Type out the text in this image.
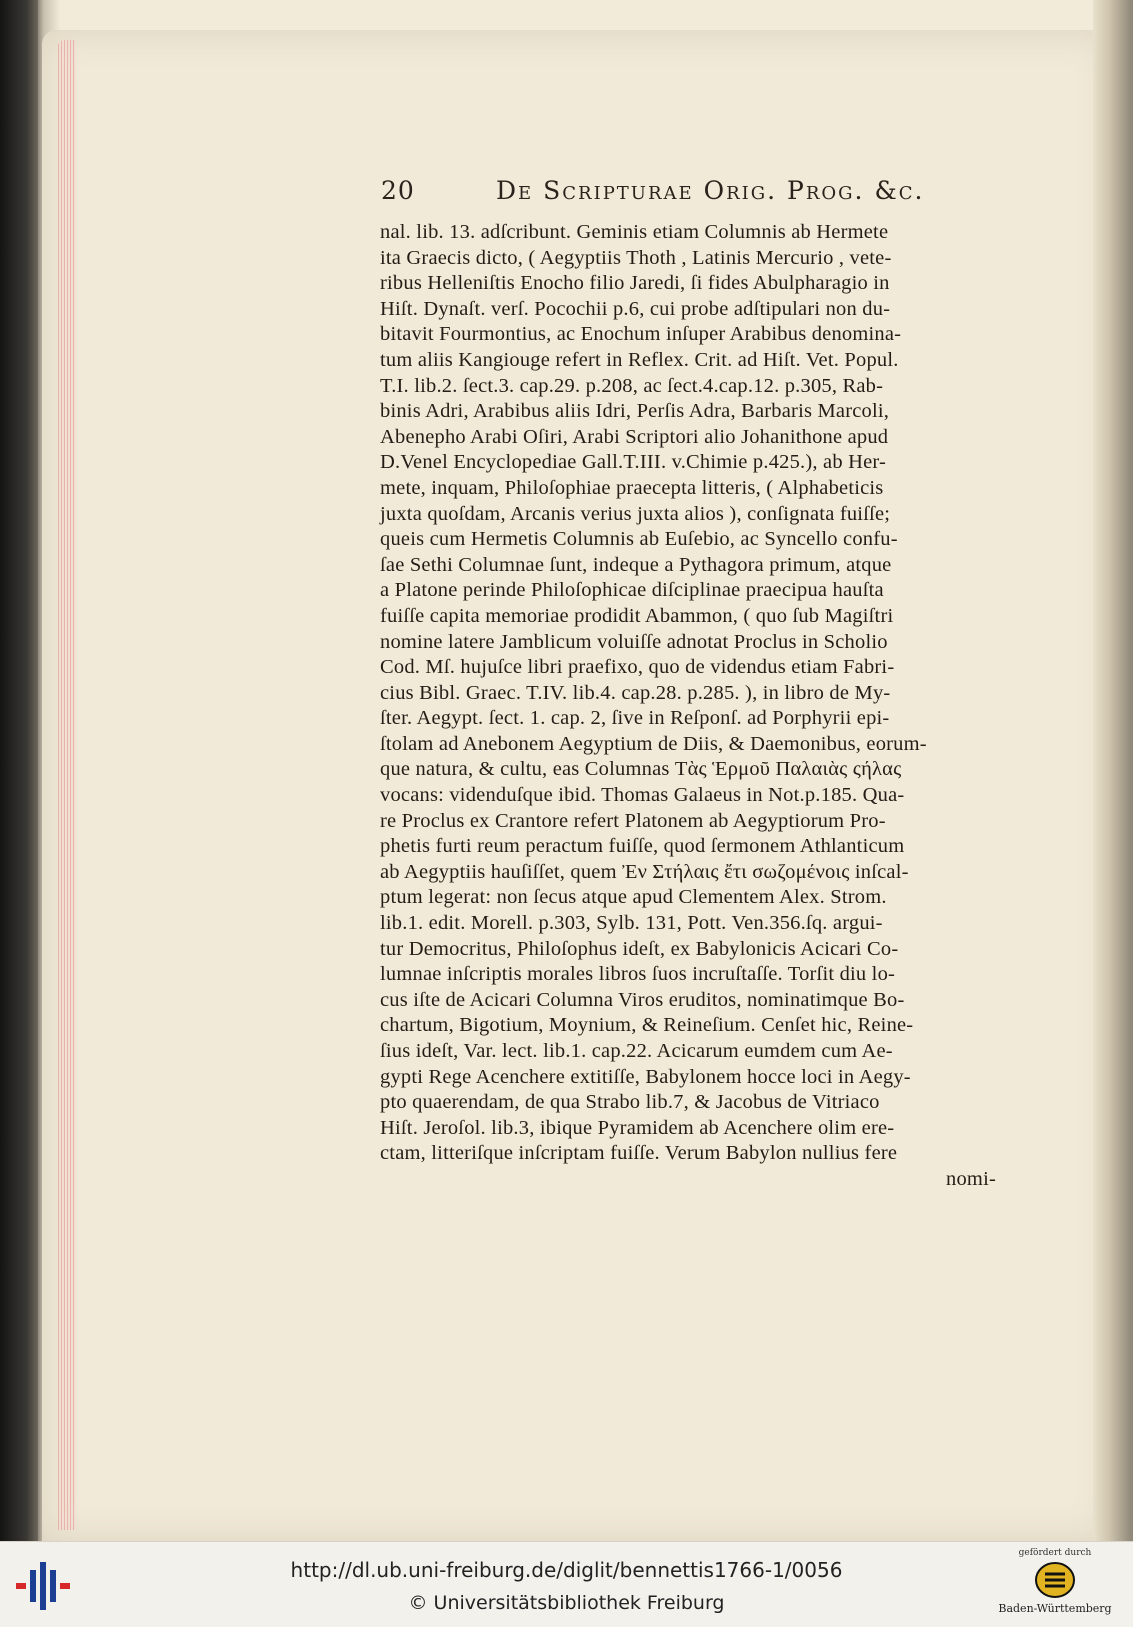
20	De Scripturae Orig. Prog. &c.
nal. lib. 13. adſcribunt. Geminis etiam Columnis ab Hermete
ita Graecis dicto, ( Aegyptiis Thoth , Latinis Mercurio , vete-
ribus Helleniſtis Enocho filio Jaredi, ſi fides Abulpharagio in
Hiſt. Dynaſt. verſ. Pocochii p.6, cui probe adſtipulari non du-
bitavit Fourmontius, ac Enochum inſuper Arabibus denomina-
tum aliis Kangiouge refert in Reflex. Crit. ad Hiſt. Vet. Popul.
T.I. lib.2. ſect.3. cap.29. p.208, ac ſect.4.cap.12. p.305, Rab-
binis Adri, Arabibus aliis Idri, Perſis Adra, Barbaris Marcoli,
Abenepho Arabi Oſiri, Arabi Scriptori alio Johanithone apud
D.Venel Encyclopediae Gall.T.III. v.Chimie p.425.), ab Her-
mete, inquam, Philoſophiae praecepta litteris, ( Alphabeticis
juxta quoſdam, Arcanis verius juxta alios ), conſignata fuiſſe;
queis cum Hermetis Columnis ab Euſebio, ac Syncello confu-
ſae Sethi Columnae ſunt, indeque a Pythagora primum, atque
a Platone perinde Philoſophicae diſciplinae praecipua hauſta
fuiſſe capita memoriae prodidit Abammon, ( quo ſub Magiſtri
nomine latere Jamblicum voluiſſe adnotat Proclus in Scholio
Cod. Mſ. hujuſce libri praefixo, quo de videndus etiam Fabri-
cius Bibl. Graec. T.IV. lib.4. cap.28. p.285. ), in libro de My-
ſter. Aegypt. ſect. 1. cap. 2, ſive in Reſponſ. ad Porphyrii epi-
ſtolam ad Anebonem Aegyptium de Diis, & Daemonibus, eorum-
que natura, & cultu, eas Columnas Τὰς Ἑρμοῦ Παλαιὰς ςήλας
vocans: videnduſque ibid. Thomas Galaeus in Not.p.185. Qua-
re Proclus ex Crantore refert Platonem ab Aegyptiorum Pro-
phetis furti reum peractum fuiſſe, quod ſermonem Athlanticum
ab Aegyptiis hauſiſſet, quem Ἐν Στήλαις ἔτι σωζομένοις inſcal-
ptum legerat: non ſecus atque apud Clementem Alex. Strom.
lib.1. edit. Morell. p.303, Sylb. 131, Pott. Ven.356.ſq. argui-
tur Democritus, Philoſophus ideſt, ex Babylonicis Acicari Co-
lumnae inſcriptis morales libros ſuos incruſtaſſe. Torſit diu lo-
cus iſte de Acicari Columna Viros eruditos, nominatimque Bo-
chartum, Bigotium, Moynium, & Reineſium. Cenſet hic, Reine-
ſius ideſt, Var. lect. lib.1. cap.22. Acicarum eumdem cum Ae-
gypti Rege Acenchere extitiſſe, Babylonem hocce loci in Aegy-
pto quaerendam, de qua Strabo lib.7, & Jacobus de Vitriaco
Hiſt. Jeroſol. lib.3, ibique Pyramidem ab Acenchere olim ere-
ctam, litteriſque inſcriptam fuiſſe. Verum Babylon nullius fere
nomi-
http://dl.ub.uni-freiburg.de/diglit/bennettis1766-1/0056
© Universitätsbibliothek Freiburg
gefördert durch
Baden-Württemberg
